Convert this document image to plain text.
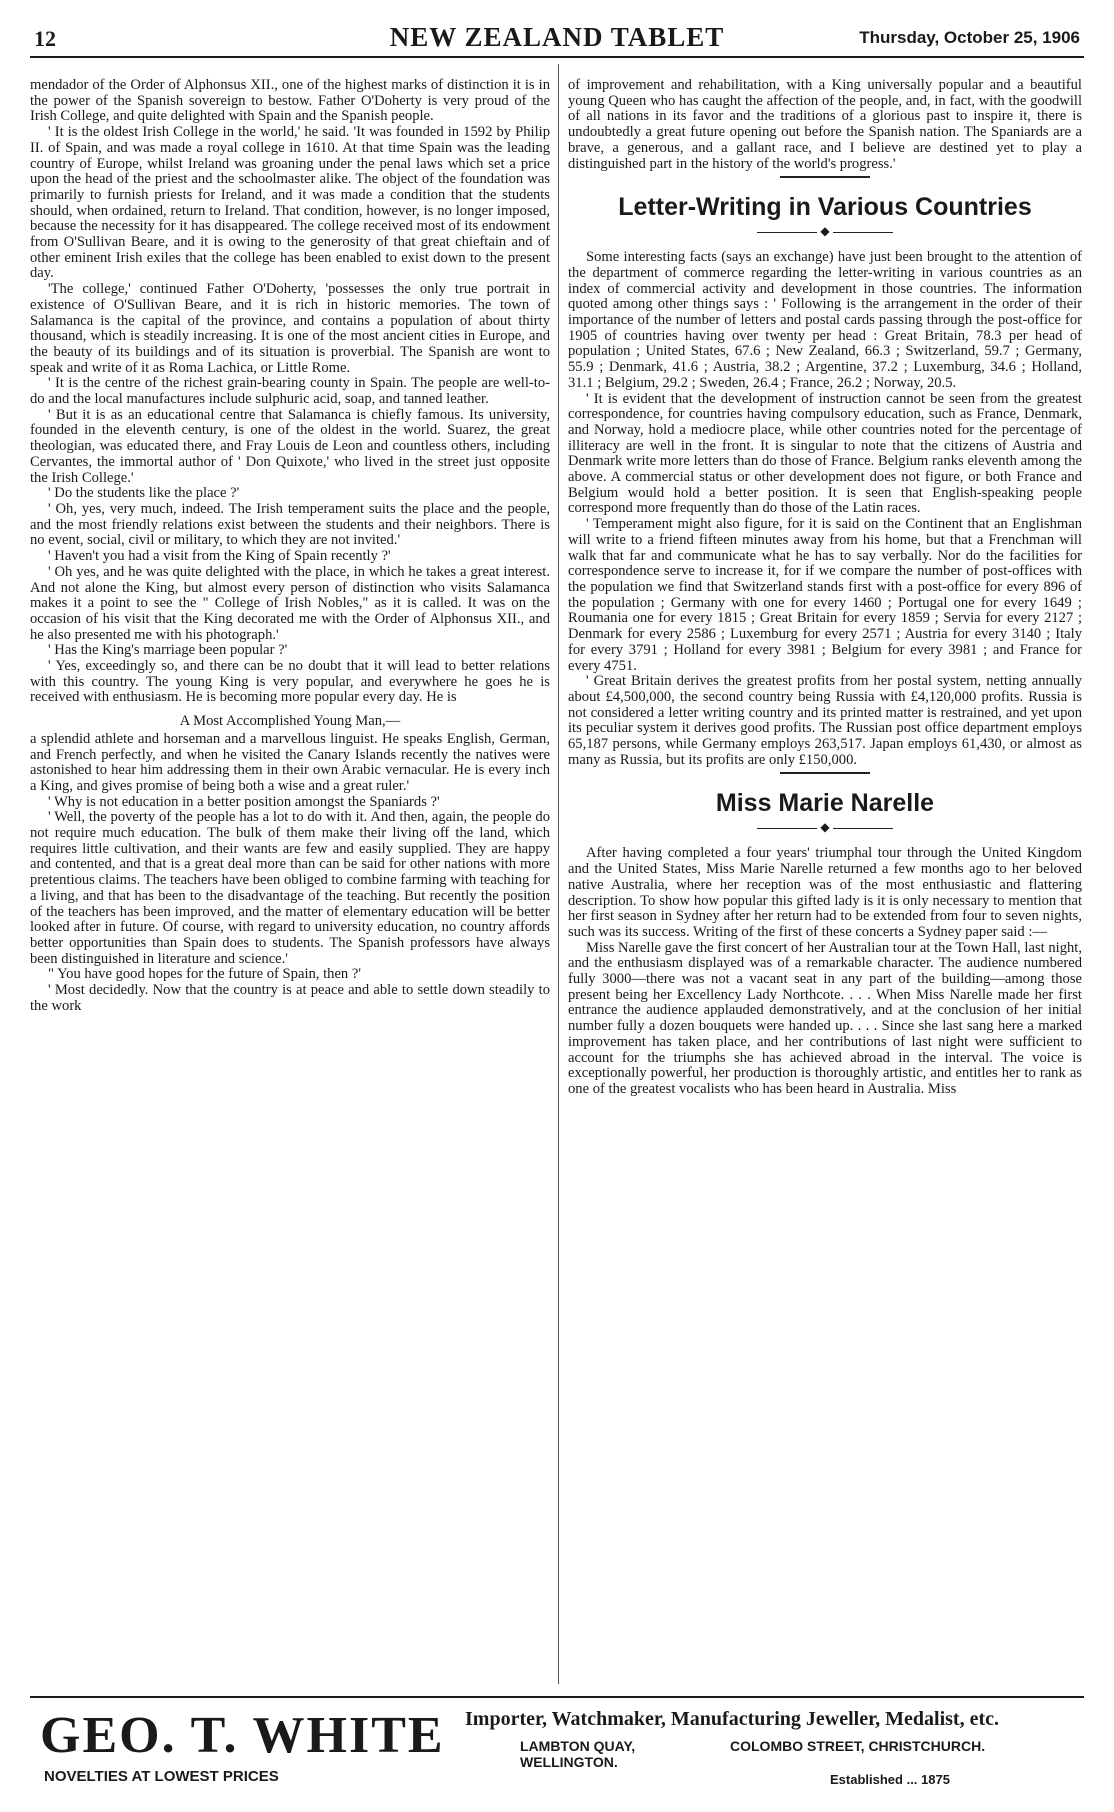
12	NEW ZEALAND TABLET	Thursday, October 25, 1906

mendador of the Order of Alphonsus XII., one of the highest marks of distinction it is in the power of the Spanish sovereign to bestow. Father O'Doherty is very proud of the Irish College, and quite delighted with Spain and the Spanish people.

' It is the oldest Irish College in the world,' he said. 'It was founded in 1592 by Philip II. of Spain, and was made a royal college in 1610. At that time Spain was the leading country of Europe, whilst Ireland was groaning under the penal laws which set a price upon the head of the priest and the schoolmaster alike. The object of the foundation was primarily to furnish priests for Ireland, and it was made a condition that the students should, when ordained, return to Ireland. That condition, however, is no longer imposed, because the necessity for it has disappeared. The college received most of its endowment from O'Sullivan Beare, and it is owing to the generosity of that great chieftain and of other eminent Irish exiles that the college has been enabled to exist down to the present day.

'The college,' continued Father O'Doherty, 'possesses the only true portrait in existence of O'Sullivan Beare, and it is rich in historic memories. The town of Salamanca is the capital of the province, and contains a population of about thirty thousand, which is steadily increasing. It is one of the most ancient cities in Europe, and the beauty of its buildings and of its situation is proverbial. The Spanish are wont to speak and write of it as Roma Lachica, or Little Rome.

' It is the centre of the richest grain-bearing county in Spain. The people are well-to-do and the local manufactures include sulphuric acid, soap, and tanned leather.

' But it is as an educational centre that Salamanca is chiefly famous. Its university, founded in the eleventh century, is one of the oldest in the world. Suarez, the great theologian, was educated there, and Fray Louis de Leon and countless others, including Cervantes, the immortal author of ' Don Quixote,' who lived in the street just opposite the Irish College.'

' Do the students like the place ?'

' Oh, yes, very much, indeed. The Irish temperament suits the place and the people, and the most friendly relations exist between the students and their neighbors. There is no event, social, civil or military, to which they are not invited.'

' Haven't you had a visit from the King of Spain recently ?'

' Oh yes, and he was quite delighted with the place, in which he takes a great interest. And not alone the King, but almost every person of distinction who visits Salamanca makes it a point to see the " College of Irish Nobles," as it is called. It was on the occasion of his visit that the King decorated me with the Order of Alphonsus XII., and he also presented me with his photograph.'

' Has the King's marriage been popular ?'

' Yes, exceedingly so, and there can be no doubt that it will lead to better relations with this country. The young King is very popular, and everywhere he goes he is received with enthusiasm. He is becoming more popular every day. He is

A Most Accomplished Young Man,—

a splendid athlete and horseman and a marvellous linguist. He speaks English, German, and French perfectly, and when he visited the Canary Islands recently the natives were astonished to hear him addressing them in their own Arabic vernacular. He is every inch a King, and gives promise of being both a wise and a great ruler.'

' Why is not education in a better position amongst the Spaniards ?'

' Well, the poverty of the people has a lot to do with it. And then, again, the people do not require much education. The bulk of them make their living off the land, which requires little cultivation, and their wants are few and easily supplied. They are happy and contented, and that is a great deal more than can be said for other nations with more pretentious claims. The teachers have been obliged to combine farming with teaching for a living, and that has been to the disadvantage of the teaching. But recently the position of the teachers has been improved, and the matter of elementary education will be better looked after in future. Of course, with regard to university education, no country affords better opportunities than Spain does to students. The Spanish professors have always been distinguished in literature and science.'

" You have good hopes for the future of Spain, then ?'

' Most decidedly. Now that the country is at peace and able to settle down steadily to the work

of improvement and rehabilitation, with a King universally popular and a beautiful young Queen who has caught the affection of the people, and, in fact, with the goodwill of all nations in its favor and the traditions of a glorious past to inspire it, there is undoubtedly a great future opening out before the Spanish nation. The Spaniards are a brave, a generous, and a gallant race, and I believe are destined yet to play a distinguished part in the history of the world's progress.'

Letter-Writing in Various Countries
◆

Some interesting facts (says an exchange) have just been brought to the attention of the department of commerce regarding the letter-writing in various countries as an index of commercial activity and development in those countries. The information quoted among other things says : ' Following is the arrangement in the order of their importance of the number of letters and postal cards passing through the post-office for 1905 of countries having over twenty per head : Great Britain, 78.3 per head of population ; United States, 67.6 ; New Zealand, 66.3 ; Switzerland, 59.7 ; Germany, 55.9 ; Denmark, 41.6 ; Austria, 38.2 ; Argentine, 37.2 ; Luxemburg, 34.6 ; Holland, 31.1 ; Belgium, 29.2 ; Sweden, 26.4 ; France, 26.2 ; Norway, 20.5.

' It is evident that the development of instruction cannot be seen from the greatest correspondence, for countries having compulsory education, such as France, Denmark, and Norway, hold a mediocre place, while other countries noted for the percentage of illiteracy are well in the front. It is singular to note that the citizens of Austria and Denmark write more letters than do those of France. Belgium ranks eleventh among the above. A commercial status or other development does not figure, or both France and Belgium would hold a better position. It is seen that English-speaking people correspond more frequently than do those of the Latin races.

' Temperament might also figure, for it is said on the Continent that an Englishman will write to a friend fifteen minutes away from his home, but that a Frenchman will walk that far and communicate what he has to say verbally. Nor do the facilities for correspondence serve to increase it, for if we compare the number of post-offices with the population we find that Switzerland stands first with a post-office for every 896 of the population ; Germany with one for every 1460 ; Portugal one for every 1649 ; Roumania one for every 1815 ; Great Britain for every 1859 ; Servia for every 2127 ; Denmark for every 2586 ; Luxemburg for every 2571 ; Austria for every 3140 ; Italy for every 3791 ; Holland for every 3981 ; Belgium for every 3981 ; and France for every 4751.

' Great Britain derives the greatest profits from her postal system, netting annually about £4,500,000, the second country being Russia with £4,120,000 profits. Russia is not considered a letter writing country and its printed matter is restrained, and yet upon its peculiar system it derives good profits. The Russian post office department employs 65,187 persons, while Germany employs 263,517. Japan employs 61,430, or almost as many as Russia, but its profits are only £150,000.

Miss Marie Narelle
◆

After having completed a four years' triumphal tour through the United Kingdom and the United States, Miss Marie Narelle returned a few months ago to her beloved native Australia, where her reception was of the most enthusiastic and flattering description. To show how popular this gifted lady is it is only necessary to mention that her first season in Sydney after her return had to be extended from four to seven nights, such was its success. Writing of the first of these concerts a Sydney paper said :—

Miss Narelle gave the first concert of her Australian tour at the Town Hall, last night, and the enthusiasm displayed was of a remarkable character. The audience numbered fully 3000—there was not a vacant seat in any part of the building—among those present being her Excellency Lady Northcote. . . . When Miss Narelle made her first entrance the audience applauded demonstratively, and at the conclusion of her initial number fully a dozen bouquets were handed up. . . . Since she last sang here a marked improvement has taken place, and her contributions of last night were sufficient to account for the triumphs she has achieved abroad in the interval. The voice is exceptionally powerful, her production is thoroughly artistic, and entitles her to rank as one of the greatest vocalists who has been heard in Australia. Miss

GEO. T. WHITE
NOVELTIES AT LOWEST PRICES
Importer, Watchmaker, Manufacturing Jeweller, Medalist, etc.
LAMBTON QUAY,
WELLINGTON.
COLOMBO STREET, CHRISTCHURCH.
Established ... 1875
